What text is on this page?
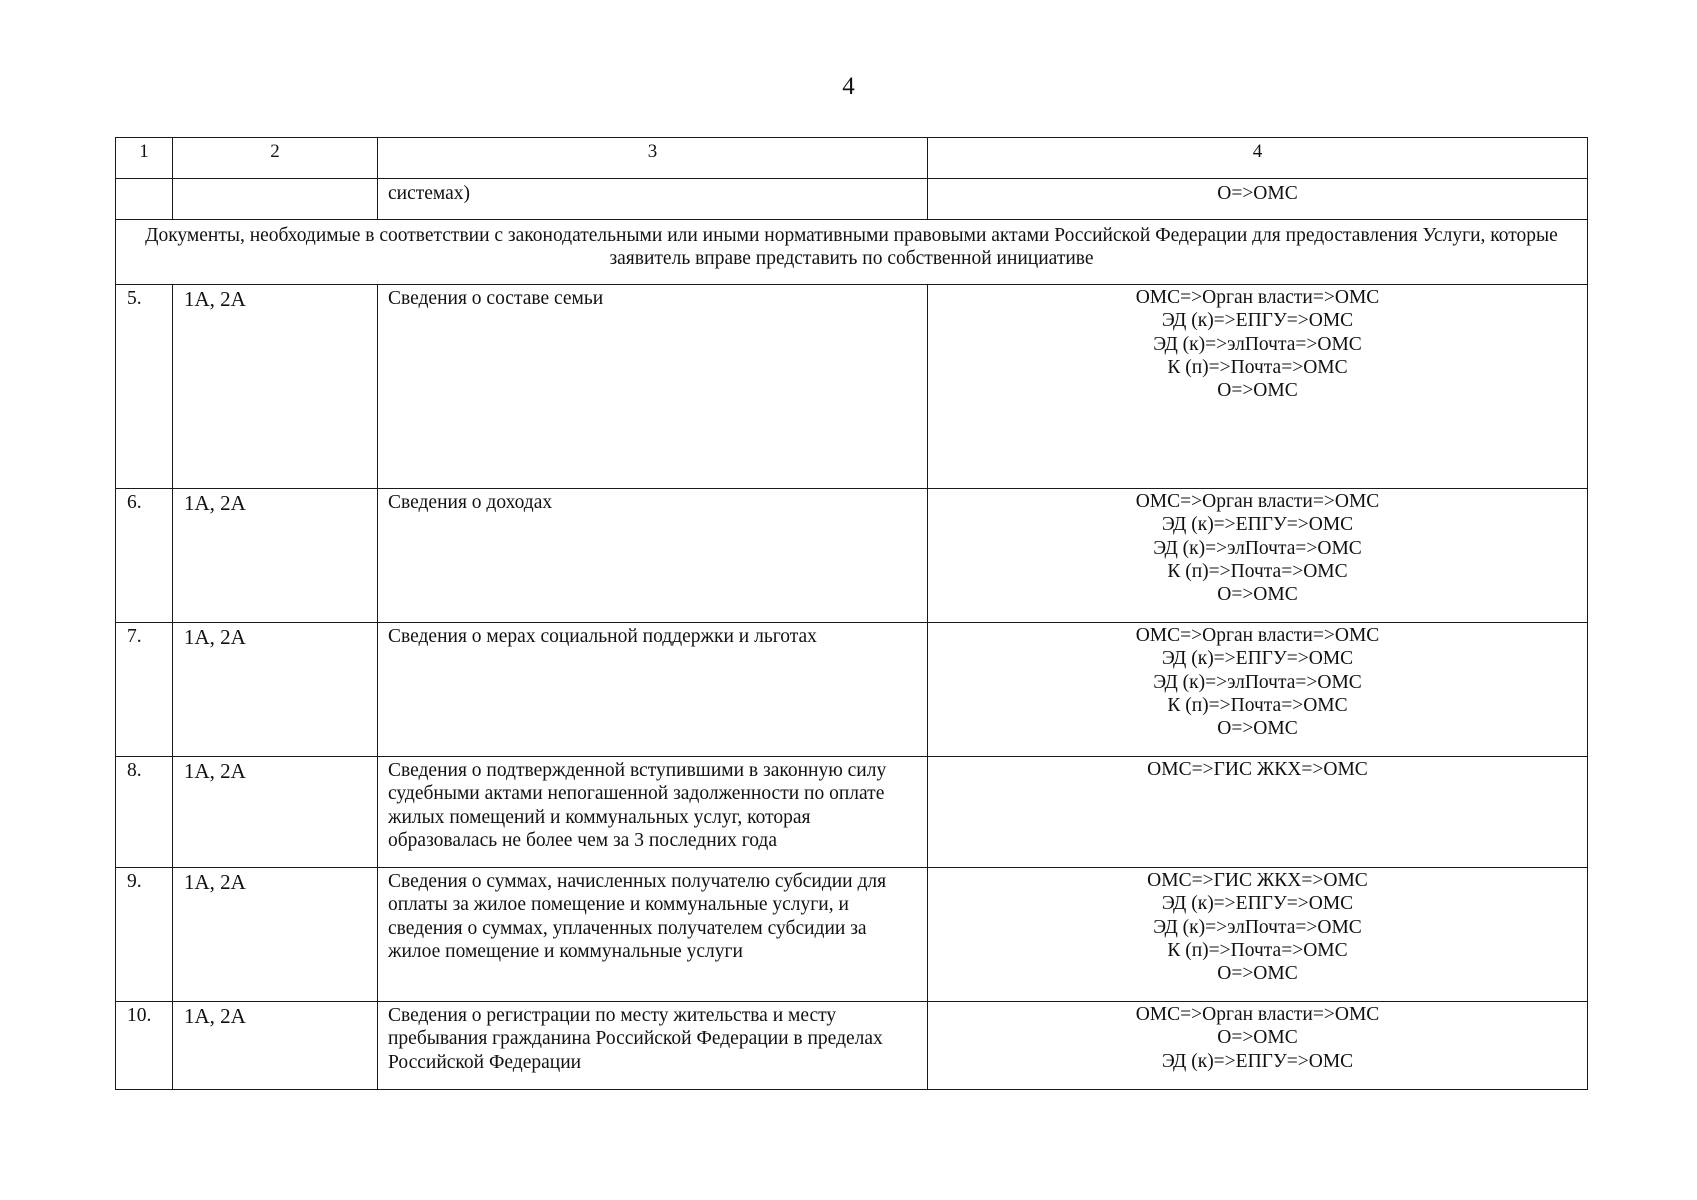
4
1	2	3	4
		системах)	О=>ОМС

Документы, необходимые в соответствии с законодательными или иными нормативными правовыми актами Российской Федерации для предоставления Услуги, которые заявитель вправе представить по собственной инициативе			
5.	1А, 2А	Сведения о составе семьи	ОМС=>Орган власти=>ОМС
ЭД (к)=>ЕПГУ=>ОМС
ЭД (к)=>элПочта=>ОМС
К (п)=>Почта=>ОМС
О=>ОМС

6.	1А, 2А	Сведения о доходах	ОМС=>Орган власти=>ОМС
ЭД (к)=>ЕПГУ=>ОМС
ЭД (к)=>элПочта=>ОМС
К (п)=>Почта=>ОМС
О=>ОМС

7.	1А, 2А	Сведения о мерах социальной поддержки и льготах	ОМС=>Орган власти=>ОМС
ЭД (к)=>ЕПГУ=>ОМС
ЭД (к)=>элПочта=>ОМС
К (п)=>Почта=>ОМС
О=>ОМС

8.	1А, 2А	Сведения о подтвержденной вступившими в законную силу судебными актами непогашенной задолженности по оплате жилых помещений и коммунальных услуг, которая образовалась не более чем за 3 последних года	ОМС=>ГИС ЖКХ=>ОМС

9.	1А, 2А	Сведения о суммах, начисленных получателю субсидии для оплаты за жилое помещение и коммунальные услуги, и сведения о суммах, уплаченных получателем субсидии за жилое помещение и коммунальные услуги	ОМС=>ГИС ЖКХ=>ОМС
ЭД (к)=>ЕПГУ=>ОМС
ЭД (к)=>элПочта=>ОМС
К (п)=>Почта=>ОМС
О=>ОМС

10.	1А, 2А	Сведения о регистрации по месту жительства и месту пребывания гражданина Российской Федерации в пределах Российской Федерации	ОМС=>Орган власти=>ОМС
О=>ОМС
ЭД (к)=>ЕПГУ=>ОМС
